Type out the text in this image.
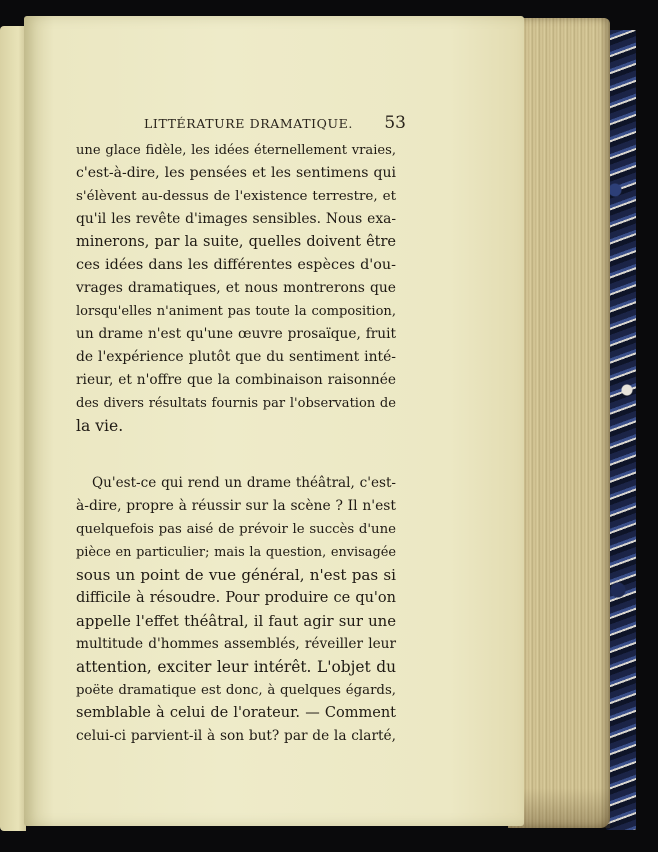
LITTÉRATURE DRAMATIQUE. 53
une glace fidèle, les idées éternellement vraies,
c'est-à-dire, les pensées et les sentimens qui
s'élèvent au-dessus de l'existence terrestre, et
qu'il les revête d'images sensibles. Nous exa-
minerons, par la suite, quelles doivent être
ces idées dans les différentes espèces d'ou-
vrages dramatiques, et nous montrerons que
lorsqu'elles n'animent pas toute la composition,
un drame n'est qu'une œuvre prosaïque, fruit
de l'expérience plutôt que du sentiment inté-
rieur, et n'offre que la combinaison raisonnée
des divers résultats fournis par l'observation de
la vie.
Qu'est-ce qui rend un drame théâtral, c'est-
à-dire, propre à réussir sur la scène ? Il n'est
quelquefois pas aisé de prévoir le succès d'une
pièce en particulier; mais la question, envisagée
sous un point de vue général, n'est pas si
difficile à résoudre. Pour produire ce qu'on
appelle l'effet théâtral, il faut agir sur une
multitude d'hommes assemblés, réveiller leur
attention, exciter leur intérêt. L'objet du
poëte dramatique est donc, à quelques égards,
semblable à celui de l'orateur. — Comment
celui-ci parvient-il à son but? par de la clarté,
